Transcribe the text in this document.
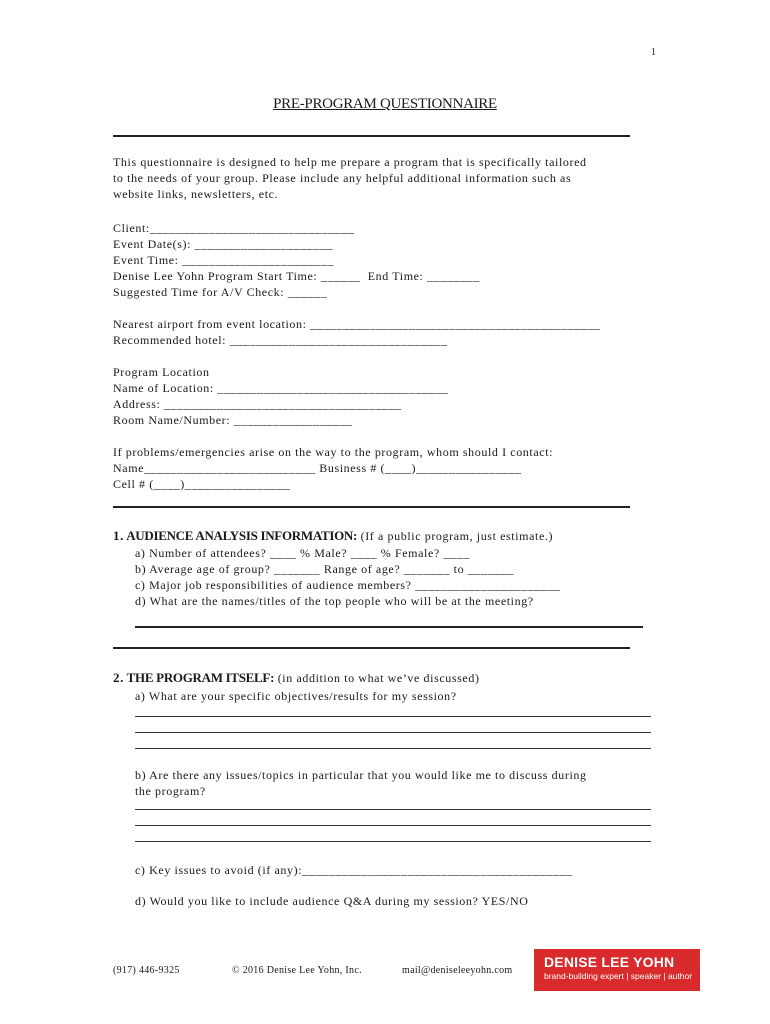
1
PRE-PROGRAM QUESTIONNAIRE
This questionnaire is designed to help me prepare a program that is specifically tailored
to the needs of your group. Please include any helpful additional information such as
website links, newsletters, etc.
Client:_______________________________
Event Date(s): _____________________
Event Time: _______________________
Denise Lee Yohn Program Start Time: ______  End Time: ________
Suggested Time for A/V Check: ______
Nearest airport from event location: ____________________________________________
Recommended hotel: _________________________________
Program Location
Name of Location: ___________________________________
Address: ____________________________________
Room Name/Number: __________________
If problems/emergencies arise on the way to the program, whom should I contact:
Name__________________________ Business # (____)________________
Cell # (____)________________
1. AUDIENCE ANALYSIS INFORMATION: (If a public program, just estimate.)
a) Number of attendees? ____ % Male? ____ % Female? ____
b) Average age of group? _______ Range of age? _______ to _______
c) Major job responsibilities of audience members? ______________________
d) What are the names/titles of the top people who will be at the meeting?
2. THE PROGRAM ITSELF: (in addition to what we’ve discussed)
a) What are your specific objectives/results for my session?
b) Are there any issues/topics in particular that you would like me to discuss during
the program?
c) Key issues to avoid (if any):_________________________________________
d) Would you like to include audience Q&A during my session? YES/NO
(917) 446-9325	© 2016 Denise Lee Yohn, Inc.	mail@deniseleeyohn.com
DENISE LEE YOHN
brand-building expert | speaker | author
